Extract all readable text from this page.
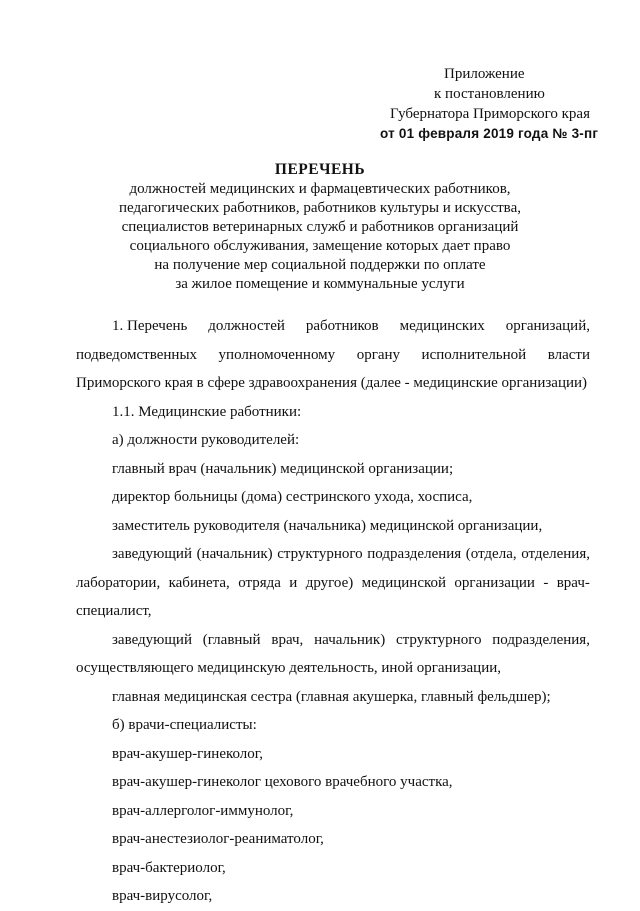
Приложение
к постановлению
Губернатора Приморского края
от 01 февраля 2019 года № 3-пг
ПЕРЕЧЕНЬ
должностей медицинских и фармацевтических работников,
педагогических работников, работников культуры и искусства,
специалистов ветеринарных служб и работников организаций
социального обслуживания, замещение которых дает право
на получение мер социальной поддержки по оплате
за жилое помещение и коммунальные услуги
1. Перечень должностей работников медицинских организаций,
подведомственных уполномоченному органу исполнительной власти
Приморского края в сфере здравоохранения (далее - медицинские организации)
1.1. Медицинские работники:
а) должности руководителей:
главный врач (начальник) медицинской организации;
директор больницы (дома) сестринского ухода, хосписа,
заместитель руководителя (начальника) медицинской организации,
заведующий (начальник) структурного подразделения (отдела, отделения,
лаборатории, кабинета, отряда и другое) медицинской организации - врач-
специалист,
заведующий (главный врач, начальник) структурного подразделения,
осуществляющего медицинскую деятельность, иной организации,
главная медицинская сестра (главная акушерка, главный фельдшер);
б) врачи-специалисты:
врач-акушер-гинеколог,
врач-акушер-гинеколог цехового врачебного участка,
врач-аллерголог-иммунолог,
врач-анестезиолог-реаниматолог,
врач-бактериолог,
врач-вирусолог,
